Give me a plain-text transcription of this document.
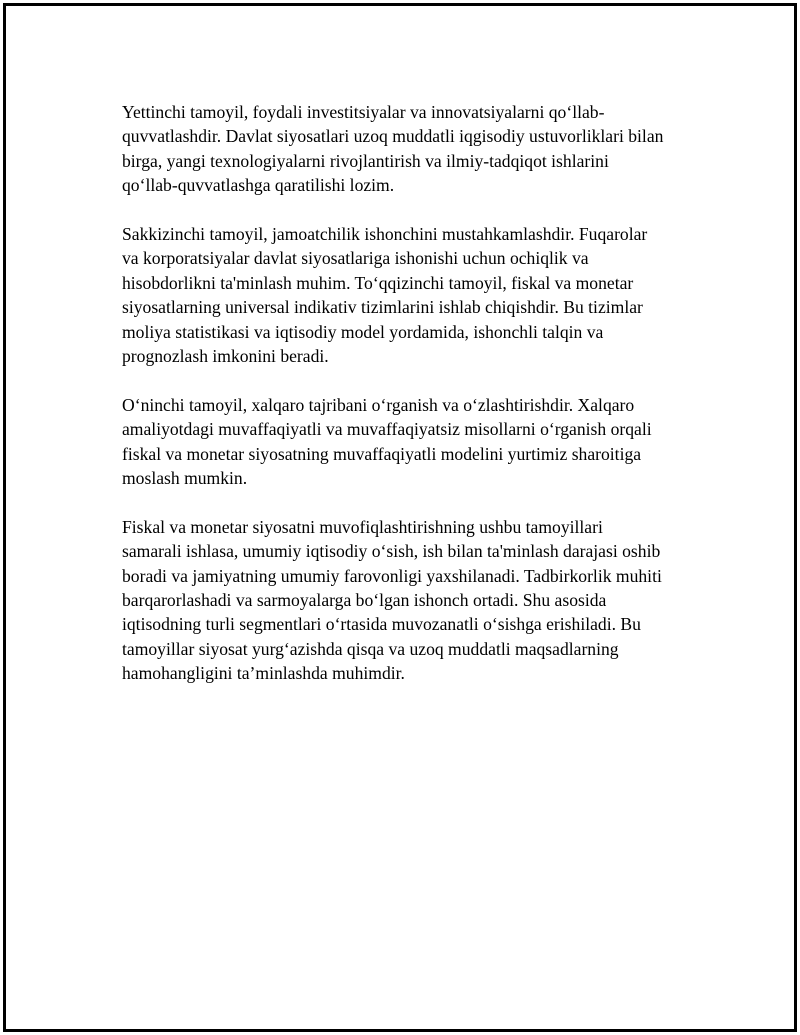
Yettinchi tamoyil, foydali investitsiyalar va innovatsiyalarni qo‘llab-
quvvatlashdir. Davlat siyosatlari uzoq muddatli iqgisodiy ustuvorliklari bilan
birga, yangi texnologiyalarni rivojlantirish va ilmiy-tadqiqot ishlarini
qo‘llab-quvvatlashga qaratilishi lozim.

Sakkizinchi tamoyil, jamoatchilik ishonchini mustahkamlashdir. Fuqarolar
va korporatsiyalar davlat siyosatlariga ishonishi uchun ochiqlik va
hisobdorlikni ta'minlash muhim. To‘qqizinchi tamoyil, fiskal va monetar
siyosatlarning universal indikativ tizimlarini ishlab chiqishdir. Bu tizimlar
moliya statistikasi va iqtisodiy model yordamida, ishonchli talqin va
prognozlash imkonini beradi.

O‘ninchi tamoyil, xalqaro tajribani o‘rganish va o‘zlashtirishdir. Xalqaro
amaliyotdagi muvaffaqiyatli va muvaffaqiyatsiz misollarni o‘rganish orqali
fiskal va monetar siyosatning muvaffaqiyatli modelini yurtimiz sharoitiga
moslash mumkin.

Fiskal va monetar siyosatni muvofiqlashtirishning ushbu tamoyillari
samarali ishlasa, umumiy iqtisodiy o‘sish, ish bilan ta'minlash darajasi oshib
boradi va jamiyatning umumiy farovonligi yaxshilanadi. Tadbirkorlik muhiti
barqarorlashadi va sarmoyalarga bo‘lgan ishonch ortadi. Shu asosida
iqtisodning turli segmentlari o‘rtasida muvozanatli o‘sishga erishiladi. Bu
tamoyillar siyosat yurg‘azishda qisqa va uzoq muddatli maqsadlarning
hamohangligini ta’minlashda muhimdir.
